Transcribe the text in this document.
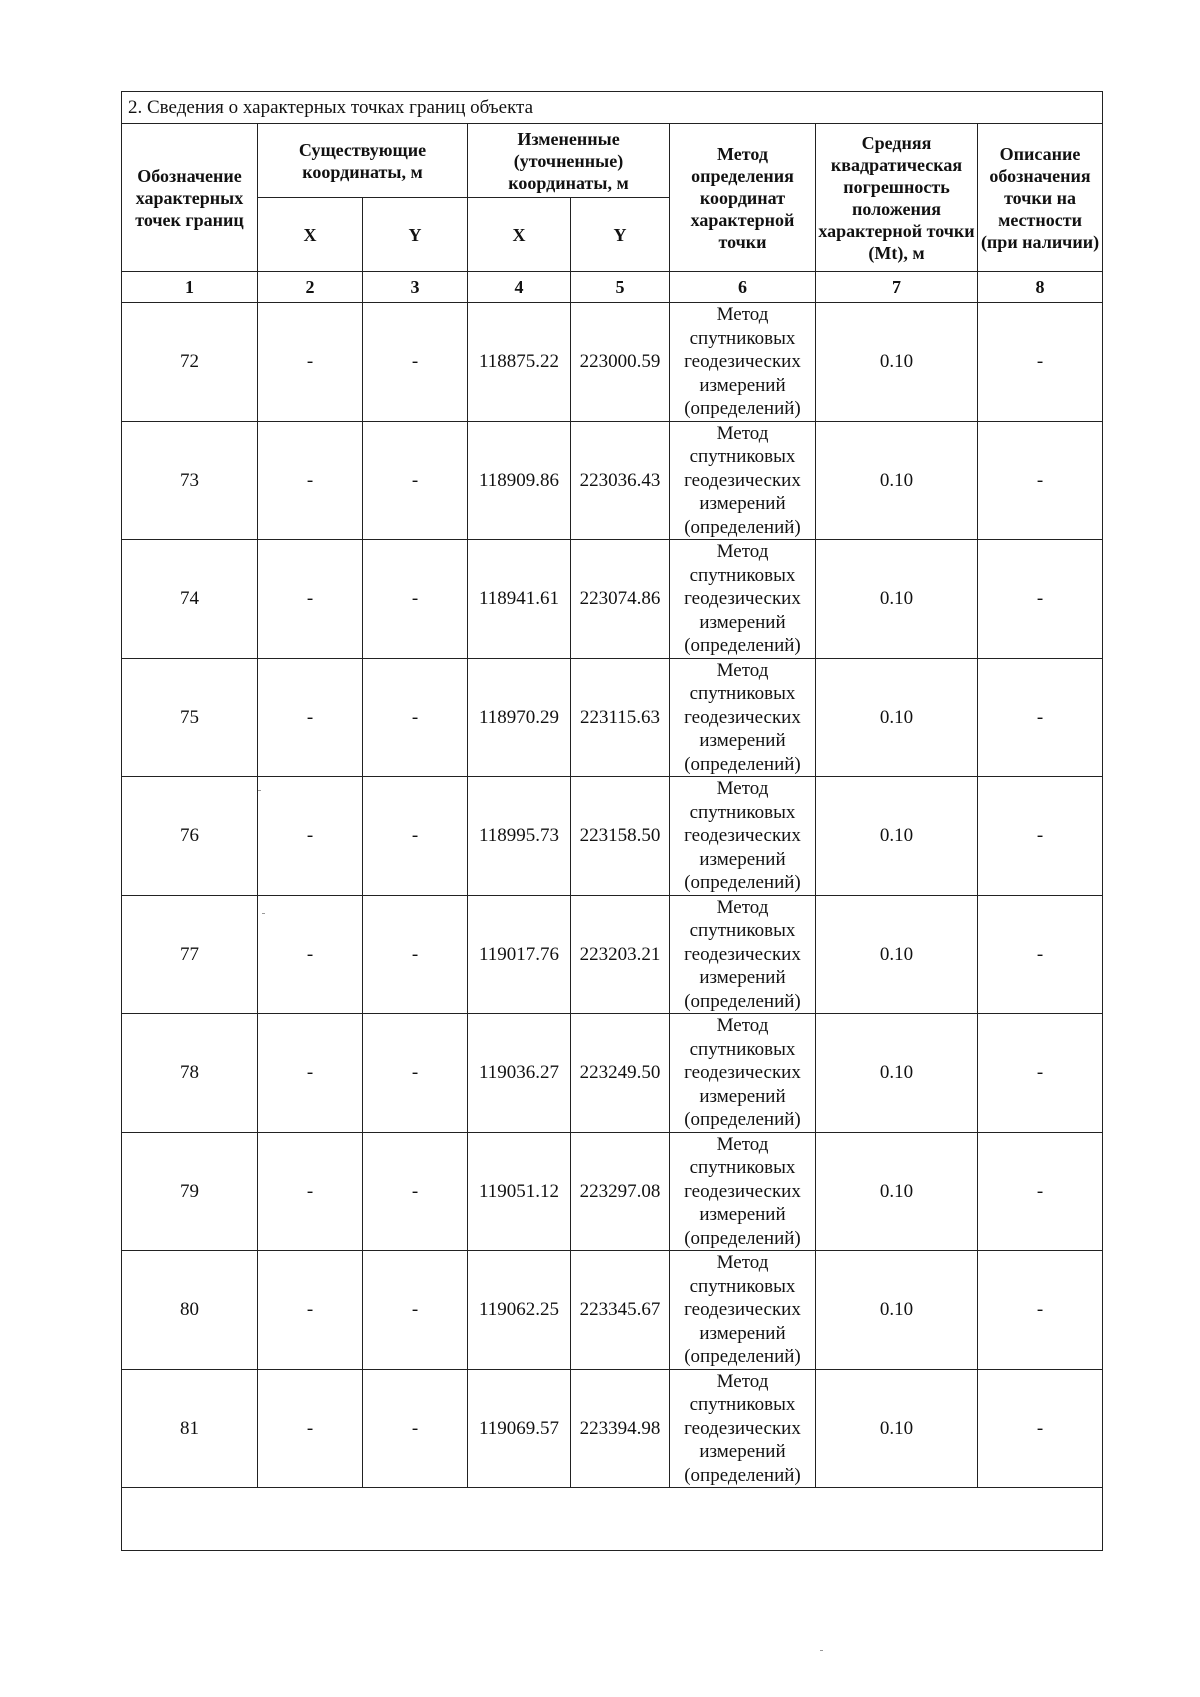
2. Сведения о характерных точках границ объекта							
Обозначение характерных точек границ	Существующие координаты, м		Измененные (уточненные) координаты, м		Метод определения координат характерной точки	Средняя квадратическая погрешность положения характерной точки (Mt), м	Описание обозначения точки на местности (при наличии)
	X	Y	X	Y			
1	2	3	4	5	6	7	8
72	-	-	118875.22	223000.59	Метод
спутниковых
геодезических
измерений
(определений)	0.10	-
73	-	-	118909.86	223036.43	Метод
спутниковых
геодезических
измерений
(определений)	0.10	-
74	-	-	118941.61	223074.86	Метод
спутниковых
геодезических
измерений
(определений)	0.10	-
75	-	-	118970.29	223115.63	Метод
спутниковых
геодезических
измерений
(определений)	0.10	-
76	-	-	118995.73	223158.50	Метод
спутниковых
геодезических
измерений
(определений)	0.10	-
77	-	-	119017.76	223203.21	Метод
спутниковых
геодезических
измерений
(определений)	0.10	-
78	-	-	119036.27	223249.50	Метод
спутниковых
геодезических
измерений
(определений)	0.10	-
79	-	-	119051.12	223297.08	Метод
спутниковых
геодезических
измерений
(определений)	0.10	-
80	-	-	119062.25	223345.67	Метод
спутниковых
геодезических
измерений
(определений)	0.10	-
81	-	-	119069.57	223394.98	Метод
спутниковых
геодезических
измерений
(определений)	0.10	-
